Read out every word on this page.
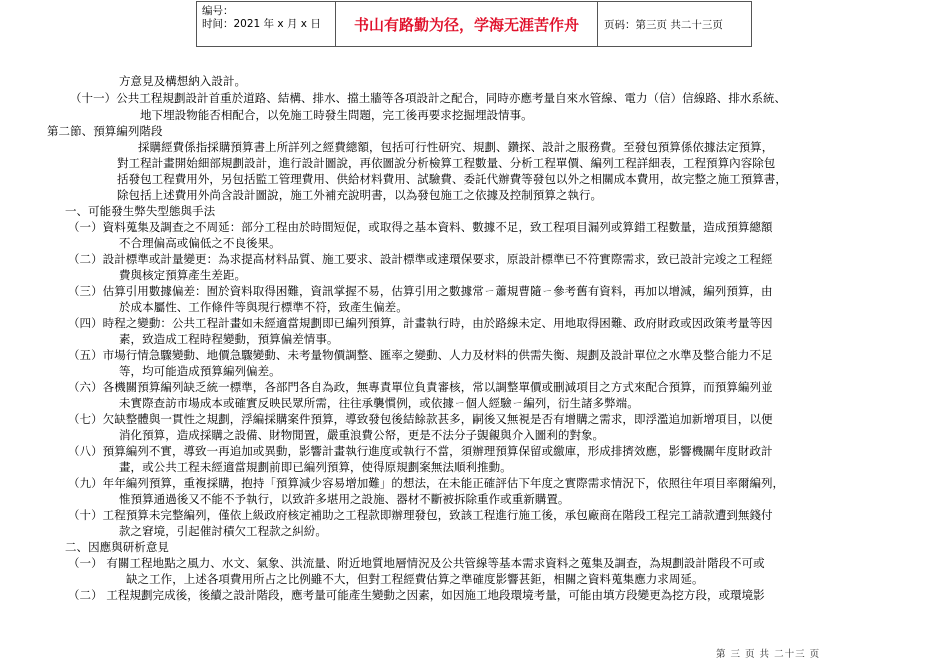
编号：
时间：2021 年 x 月 x 日	书山有路勤为径，学海无涯苦作舟	页码：第三页 共二十三页
方意見及構想納入設計。
（十一）公共工程規劃設計首重於道路、結構、排水、擋土牆等各項設計之配合，同時亦應考量自來水管線、電力（信）信線路、排水系統、
地下埋設物能否相配合，以免施工時發生問題，完工後再要求挖掘埋設情事。
第二節、預算編列階段
採購經費係指採購預算書上所詳列之經費總額，包括可行性研究、規劃、鑽探、設計之服務費。至發包預算係依據法定預算，
對工程計畫開始細部規劃設計，進行設計圖說，再依圖說分析檢算工程數量、分析工程單價、編列工程詳細表，工程預算內容除包
括發包工程費用外，另包括監工管理費用、供給材料費用、試驗費、委託代辦費等發包以外之相關成本費用，故完整之施工預算書，
除包括上述費用外尚含設計圖說，施工外補充說明書，以為發包施工之依據及控制預算之執行。
一、可能發生弊失型態與手法
（一）資料蒐集及調查之不周延：部分工程由於時間短促，或取得之基本資料、數據不足，致工程項目漏列或算錯工程數量，造成預算總額
不合理偏高或偏低之不良後果。
（二）設計標準或計量變更：為求提高材料品質、施工要求、設計標準或達環保要求，原設計標準已不符實際需求，致已設計完竣之工程經
費與核定預算產生差距。
（三）估算引用數據偏差：囿於資料取得困難，資訊掌握不易，估算引用之數據常ㄧ蕭規曹隨ㄧ參考舊有資料，再加以增減，編列預算，由
於成本屬性、工作條件等與現行標準不符，致產生偏差。
（四）時程之變動：公共工程計畫如未經適當規劃即已編列預算，計畫執行時，由於路線未定、用地取得困難、政府財政或因政策考量等因
素，致造成工程時程變動，預算偏差情事。
（五）市場行情急驟變動、地價急驟變動、未考量物價調整、匯率之變動、人力及材料的供需失衡、規劃及設計單位之水準及整合能力不足
等，均可能造成預算編列偏差。
（六）各機關預算編列缺乏統一標準，各部門各自為政，無專責單位負責審核，常以調整單價或刪減項目之方式來配合預算，而預算編列並
未實際查訪市場成本或確實反映民眾所需，往往承襲慣例，或依據ㄧ個人經驗ㄧ編列，衍生諸多弊端。
（七）欠缺整體與一貫性之規劃，浮編採購案件預算，導致發包後結餘款甚多，嗣後又無視是否有增購之需求，即浮濫追加新增項目，以便
消化預算，造成採購之設備、財物閒置，嚴重浪費公帑，更是不法分子覬覦與介入圖利的對象。
（八）預算編列不實，導致一再追加或異動，影響計畫執行進度或執行不當，須辦理預算保留或繳庫，形成排擠效應，影響機關年度財政計
畫，或公共工程未經適當規劃前即已編列預算，使得原規劃案無法順利推動。
（九）年年編列預算，重複採購，抱持「預算減少容易增加難」的想法，在未能正確評估下年度之實際需求情況下，依照往年項目率爾編列，
惟預算通過後又不能不予執行，以致許多堪用之設施、器材不斷被拆除重作或重新購置。
（十）工程預算未完整編列，僅依上級政府核定補助之工程款即辦理發包，致該工程進行施工後，承包廠商在階段工程完工請款遭到無錢付
款之窘境，引起催討積欠工程款之糾紛。
二、因應與研析意見
（一） 有關工程地點之風力、水文、氣象、洪流量、附近地質地層情況及公共管線等基本需求資料之蒐集及調查，為規劃設計階段不可或
缺之工作，上述各項費用所占之比例雖不大，但對工程經費估算之準確度影響甚鉅，相關之資料蒐集應力求周延。
（二） 工程規劃完成後，後續之設計階段，應考量可能產生變動之因素，如因施工地段環境考量，可能由填方段變更為挖方段，或環境影
第 三 页 共 二十三 页
